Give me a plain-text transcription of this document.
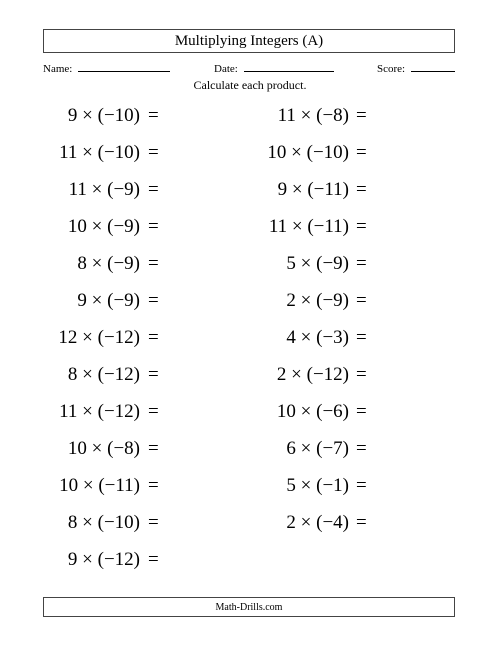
Multiplying Integers (A)
Name:	Date:	Score:
Calculate each product.
9 × (−10) =
11 × (−10) =
11 × (−9) =
10 × (−9) =
8 × (−9) =
9 × (−9) =
12 × (−12) =
8 × (−12) =
11 × (−12) =
10 × (−8) =
10 × (−11) =
8 × (−10) =
9 × (−12) =
11 × (−8) =
10 × (−10) =
9 × (−11) =
11 × (−11) =
5 × (−9) =
2 × (−9) =
4 × (−3) =
2 × (−12) =
10 × (−6) =
6 × (−7) =
5 × (−1) =
2 × (−4) =
Math-Drills.com
